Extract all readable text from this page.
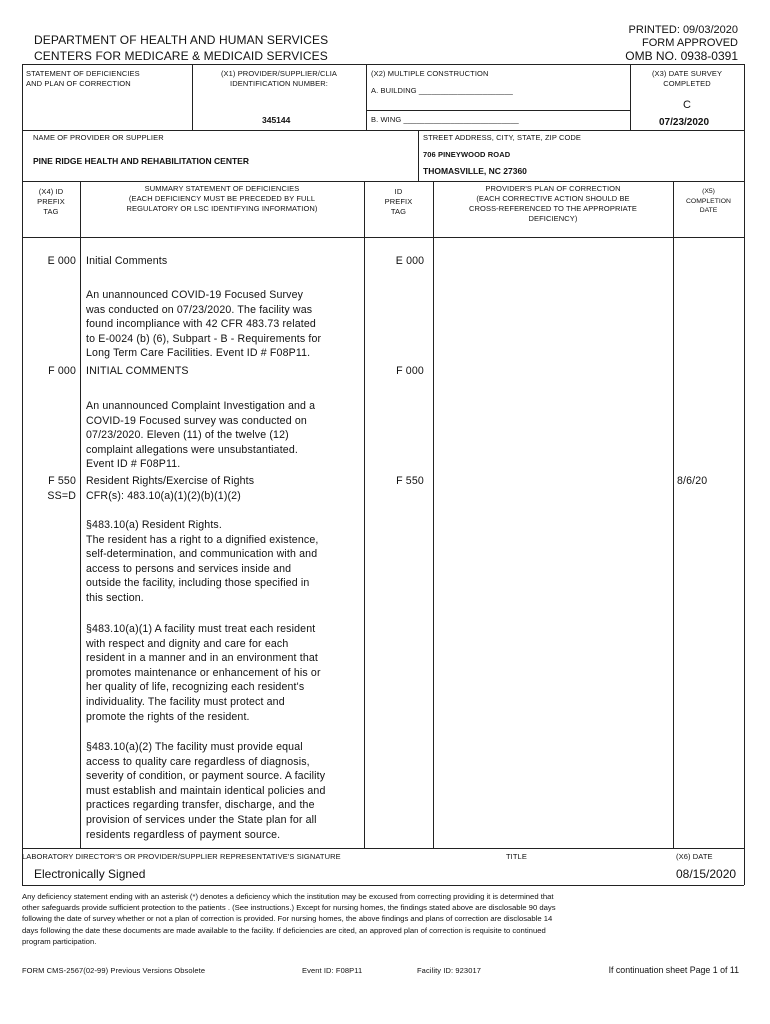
DEPARTMENT OF HEALTH AND HUMAN SERVICES
CENTERS FOR MEDICARE & MEDICAID SERVICES
PRINTED: 09/03/2020
FORM APPROVED
OMB NO. 0938-0391
STATEMENT OF DEFICIENCIES
AND PLAN OF CORRECTION
(X1) PROVIDER/SUPPLIER/CLIA
IDENTIFICATION NUMBER:
345144
(X2) MULTIPLE CONSTRUCTION
A. BUILDING ______________________
B. WING ___________________________
(X3) DATE SURVEY
COMPLETED
C
07/23/2020
NAME OF PROVIDER OR SUPPLIER
PINE RIDGE HEALTH AND REHABILITATION CENTER
STREET ADDRESS, CITY, STATE, ZIP CODE
706 PINEYWOOD ROAD
THOMASVILLE, NC 27360
(X4) ID
PREFIX
TAG
SUMMARY STATEMENT OF DEFICIENCIES
(EACH DEFICIENCY MUST BE PRECEDED BY FULL
REGULATORY OR LSC IDENTIFYING INFORMATION)
ID
PREFIX
TAG
PROVIDER'S PLAN OF CORRECTION
(EACH CORRECTIVE ACTION SHOULD BE
CROSS-REFERENCED TO THE APPROPRIATE
DEFICIENCY)
(X5)
COMPLETION
DATE
E 000 Initial Comments	E 000
An unannounced COVID-19 Focused Survey
was conducted on 07/23/2020. The facility was
found incompliance with 42 CFR 483.73 related
to E-0024 (b) (6), Subpart - B - Requirements for
Long Term Care Facilities. Event ID # F08P11.
F 000 INITIAL COMMENTS	F 000
An unannounced Complaint Investigation and a
COVID-19 Focused survey was conducted on
07/23/2020. Eleven (11) of the twelve (12)
complaint allegations were unsubstantiated.
Event ID # F08P11.
F 550
SS=D
Resident Rights/Exercise of Rights
CFR(s): 483.10(a)(1)(2)(b)(1)(2)
F 550	8/6/20
§483.10(a) Resident Rights.
The resident has a right to a dignified existence,
self-determination, and communication with and
access to persons and services inside and
outside the facility, including those specified in
this section.
§483.10(a)(1) A facility must treat each resident
with respect and dignity and care for each
resident in a manner and in an environment that
promotes maintenance or enhancement of his or
her quality of life, recognizing each resident's
individuality. The facility must protect and
promote the rights of the resident.
§483.10(a)(2) The facility must provide equal
access to quality care regardless of diagnosis,
severity of condition, or payment source. A facility
must establish and maintain identical policies and
practices regarding transfer, discharge, and the
provision of services under the State plan for all
residents regardless of payment source.
LABORATORY DIRECTOR'S OR PROVIDER/SUPPLIER REPRESENTATIVE'S SIGNATURE	TITLE	(X6) DATE
Electronically Signed	08/15/2020
Any deficiency statement ending with an asterisk (*) denotes a deficiency which the institution may be excused from correcting providing it is determined that
other safeguards provide sufficient protection to the patients . (See instructions.) Except for nursing homes, the findings stated above are disclosable 90 days
following the date of survey whether or not a plan of correction is provided. For nursing homes, the above findings and plans of correction are disclosable 14
days following the date these documents are made available to the facility. If deficiencies are cited, an approved plan of correction is requisite to continued
program participation.
FORM CMS-2567(02-99) Previous Versions Obsolete	Event ID: F08P11	Facility ID: 923017	If continuation sheet Page 1 of 11
